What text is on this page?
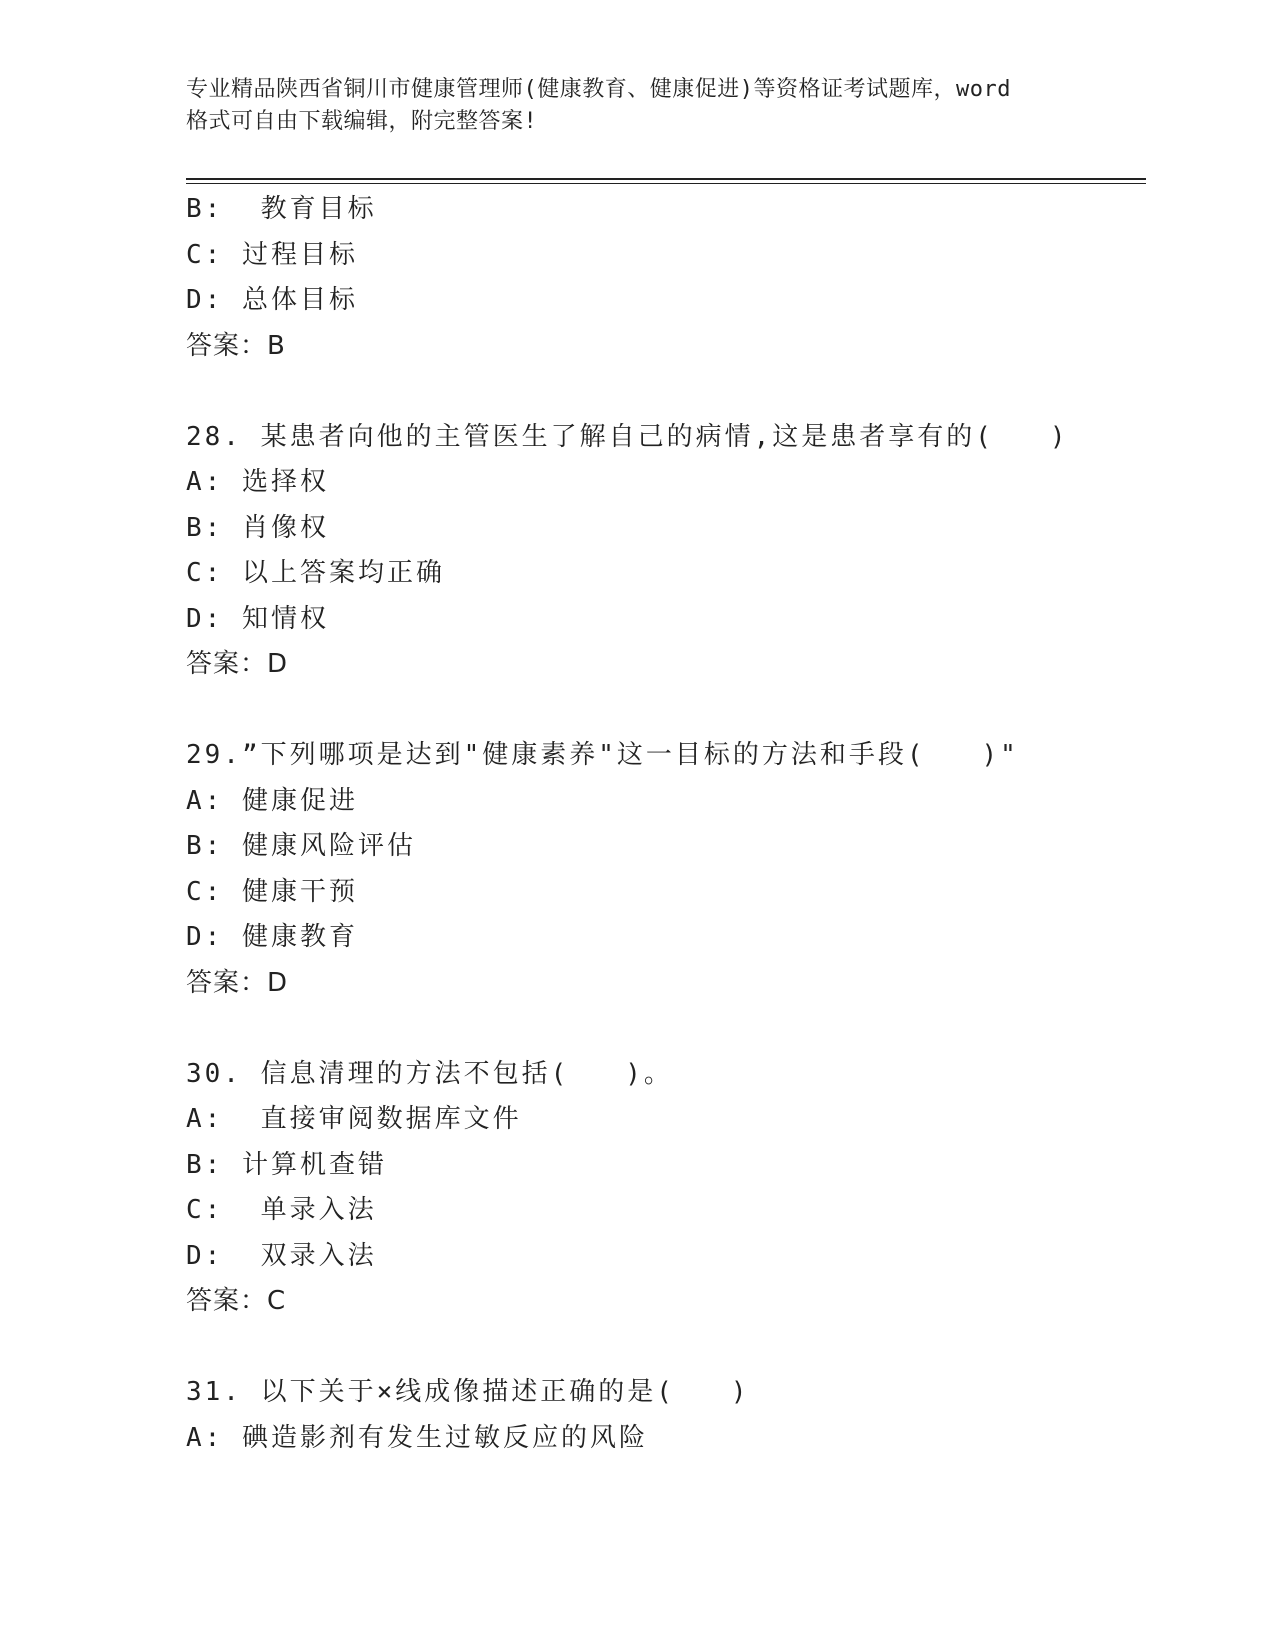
专业精品陕西省铜川市健康管理师(健康教育、健康促进)等资格证考试题库，word
格式可自由下载编辑，附完整答案!
B:  教育目标
C: 过程目标
D: 总体目标
答案：B
28. 某患者向他的主管医生了解自己的病情,这是患者享有的(   )
A: 选择权
B: 肖像权
C: 以上答案均正确
D: 知情权
答案：D
29.”下列哪项是达到"健康素养"这一目标的方法和手段(   )"
A: 健康促进
B: 健康风险评估
C: 健康干预
D: 健康教育
答案：D
30. 信息清理的方法不包括(   )。
A:  直接审阅数据库文件
B: 计算机查错
C:  单录入法
D:  双录入法
答案：C
31. 以下关于×线成像描述正确的是(   )
A: 碘造影剂有发生过敏反应的风险
